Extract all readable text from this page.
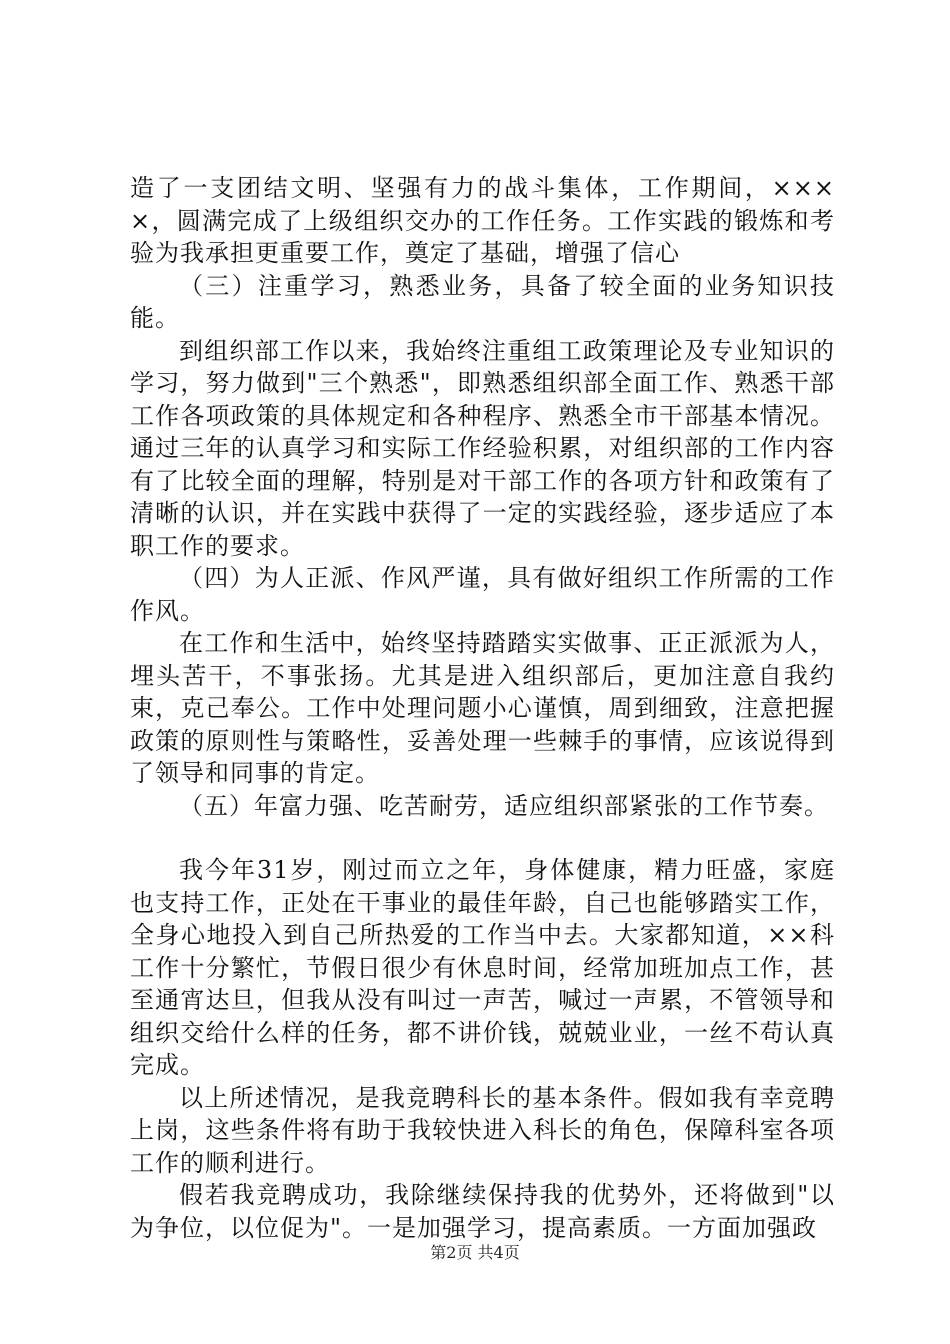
造了一支团结文明、坚强有力的战斗集体，工作期间，××××，圆满完成了上级组织交办的工作任务。工作实践的锻炼和考验为我承担更重要工作，奠定了基础，增强了信心

（三）注重学习，熟悉业务，具备了较全面的业务知识技能。

到组织部工作以来，我始终注重组工政策理论及专业知识的学习，努力做到"三个熟悉"，即熟悉组织部全面工作、熟悉干部工作各项政策的具体规定和各种程序、熟悉全市干部基本情况。通过三年的认真学习和实际工作经验积累，对组织部的工作内容有了比较全面的理解，特别是对干部工作的各项方针和政策有了清晰的认识，并在实践中获得了一定的实践经验，逐步适应了本职工作的要求。

（四）为人正派、作风严谨，具有做好组织工作所需的工作作风。

在工作和生活中，始终坚持踏踏实实做事、正正派派为人，埋头苦干，不事张扬。尤其是进入组织部后，更加注意自我约束，克己奉公。工作中处理问题小心谨慎，周到细致，注意把握政策的原则性与策略性，妥善处理一些棘手的事情，应该说得到了领导和同事的肯定。

（五）年富力强、吃苦耐劳，适应组织部紧张的工作节奏。

我今年31岁，刚过而立之年，身体健康，精力旺盛，家庭也支持工作，正处在干事业的最佳年龄，自己也能够踏实工作，全身心地投入到自己所热爱的工作当中去。大家都知道，××科工作十分繁忙，节假日很少有休息时间，经常加班加点工作，甚至通宵达旦，但我从没有叫过一声苦，喊过一声累，不管领导和组织交给什么样的任务，都不讲价钱，兢兢业业，一丝不苟认真完成。

以上所述情况，是我竞聘科长的基本条件。假如我有幸竞聘上岗，这些条件将有助于我较快进入科长的角色，保障科室各项工作的顺利进行。

假若我竞聘成功，我除继续保持我的优势外，还将做到"以为争位，以位促为"。一是加强学习，提高素质。一方面加强政

第2页 共4页
